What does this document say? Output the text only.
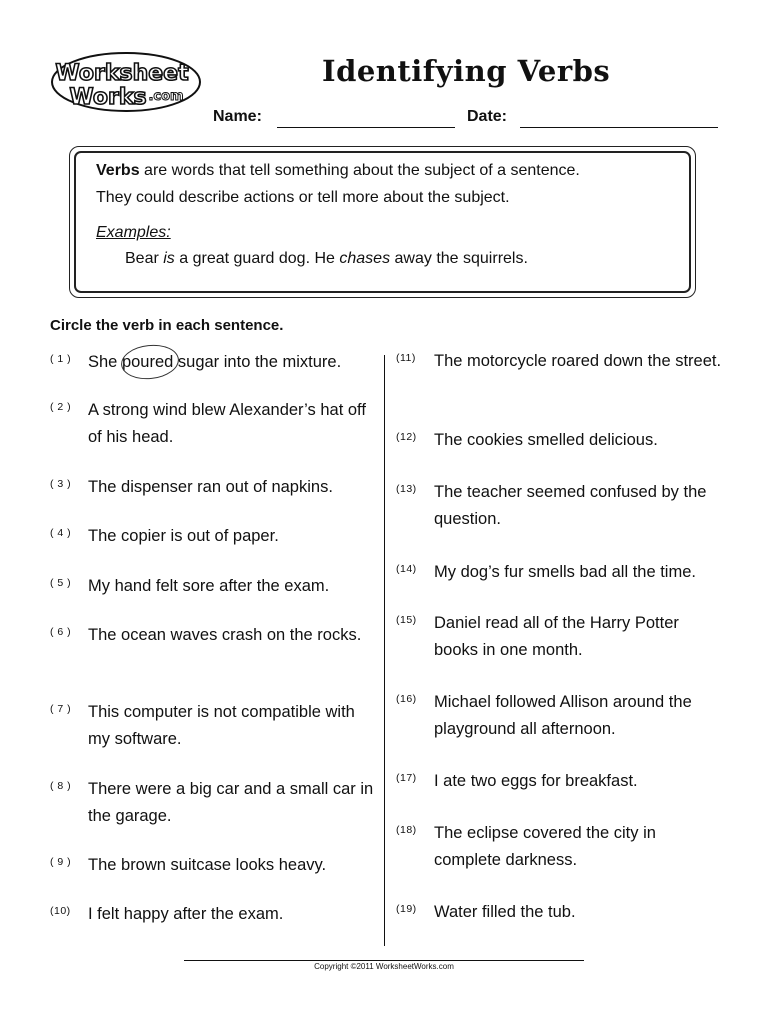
Worksheet
Works .com
Identifying Verbs
Name:	Date:
Verbs are words that tell something about the subject of a sentence.
They could describe actions or tell more about the subject.
Examples:
Bear is a great guard dog. He chases away the squirrels.
Circle the verb in each sentence.
( 1 ) She poured sugar into the mixture.
( 2 ) A strong wind blew Alexander’s hat off of his head.
( 3 ) The dispenser ran out of napkins.
( 4 ) The copier is out of paper.
( 5 ) My hand felt sore after the exam.
( 6 ) The ocean waves crash on the rocks.
( 7 ) This computer is not compatible with my software.
( 8 ) There were a big car and a small car in the garage.
( 9 ) The brown suitcase looks heavy.
(10) I felt happy after the exam.
(11) The motorcycle roared down the street.
(12) The cookies smelled delicious.
(13) The teacher seemed confused by the question.
(14) My dog’s fur smells bad all the time.
(15) Daniel read all of the Harry Potter books in one month.
(16) Michael followed Allison around the playground all afternoon.
(17) I ate two eggs for breakfast.
(18) The eclipse covered the city in complete darkness.
(19) Water filled the tub.
Copyright ©2011 WorksheetWorks.com
